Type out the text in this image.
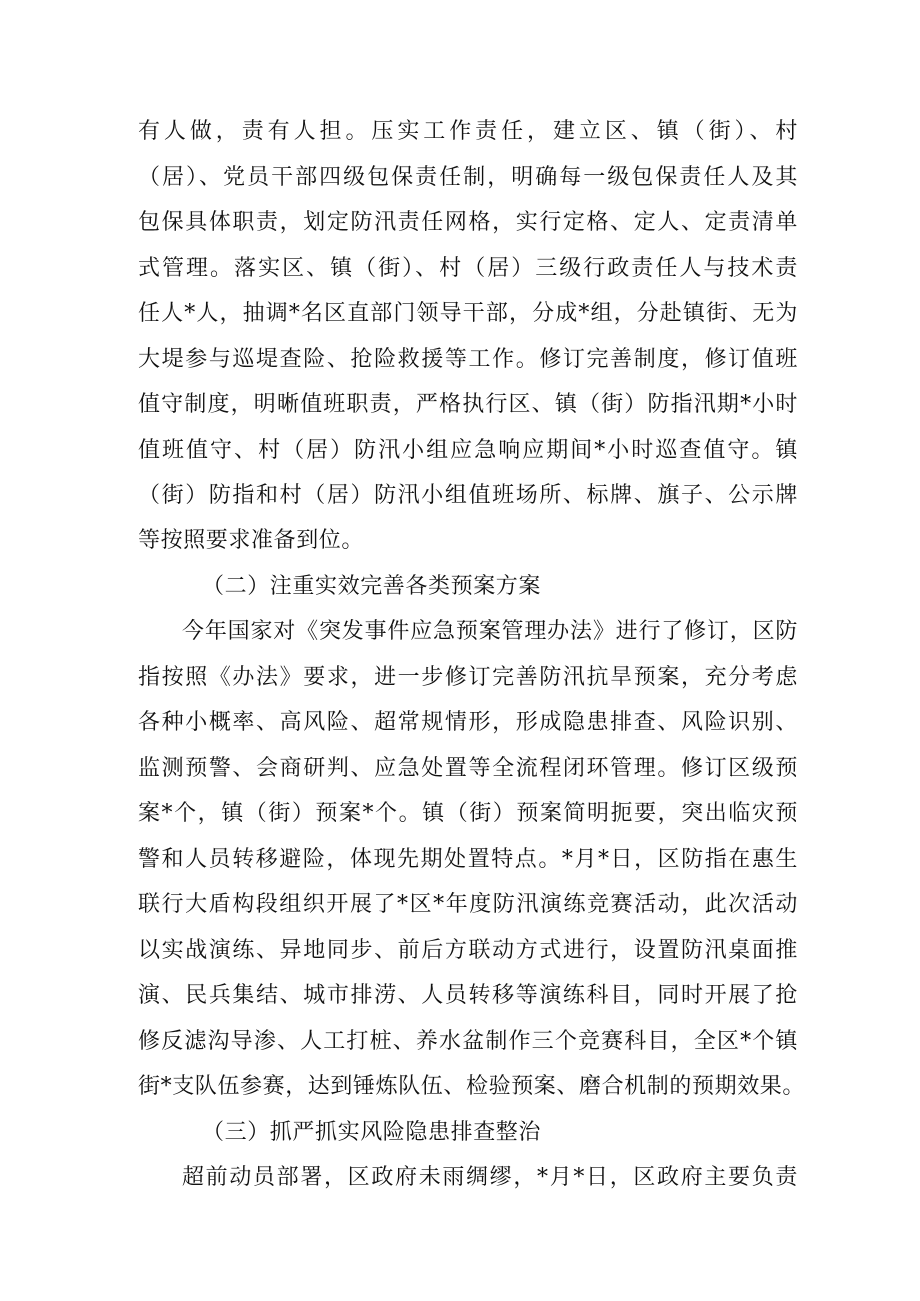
有人做，责有人担。压实工作责任，建立区、镇（街）、村
（居）、党员干部四级包保责任制，明确每一级包保责任人及其
包保具体职责，划定防汛责任网格，实行定格、定人、定责清单
式管理。落实区、镇（街）、村（居）三级行政责任人与技术责
任人*人，抽调*名区直部门领导干部，分成*组，分赴镇街、无为
大堤参与巡堤查险、抢险救援等工作。修订完善制度，修订值班
值守制度，明晰值班职责，严格执行区、镇（街）防指汛期*小时
值班值守、村（居）防汛小组应急响应期间*小时巡查值守。镇
（街）防指和村（居）防汛小组值班场所、标牌、旗子、公示牌
等按照要求准备到位。
（二）注重实效完善各类预案方案
今年国家对《突发事件应急预案管理办法》进行了修订，区防
指按照《办法》要求，进一步修订完善防汛抗旱预案，充分考虑
各种小概率、高风险、超常规情形，形成隐患排查、风险识别、
监测预警、会商研判、应急处置等全流程闭环管理。修订区级预
案*个，镇（街）预案*个。镇（街）预案简明扼要，突出临灾预
警和人员转移避险，体现先期处置特点。*月*日，区防指在惠生
联行大盾构段组织开展了*区*年度防汛演练竞赛活动，此次活动
以实战演练、异地同步、前后方联动方式进行，设置防汛桌面推
演、民兵集结、城市排涝、人员转移等演练科目，同时开展了抢
修反滤沟导渗、人工打桩、养水盆制作三个竞赛科目，全区*个镇
街*支队伍参赛，达到锤炼队伍、检验预案、磨合机制的预期效果。
（三）抓严抓实风险隐患排查整治
超前动员部署，区政府未雨绸缪，*月*日，区政府主要负责
